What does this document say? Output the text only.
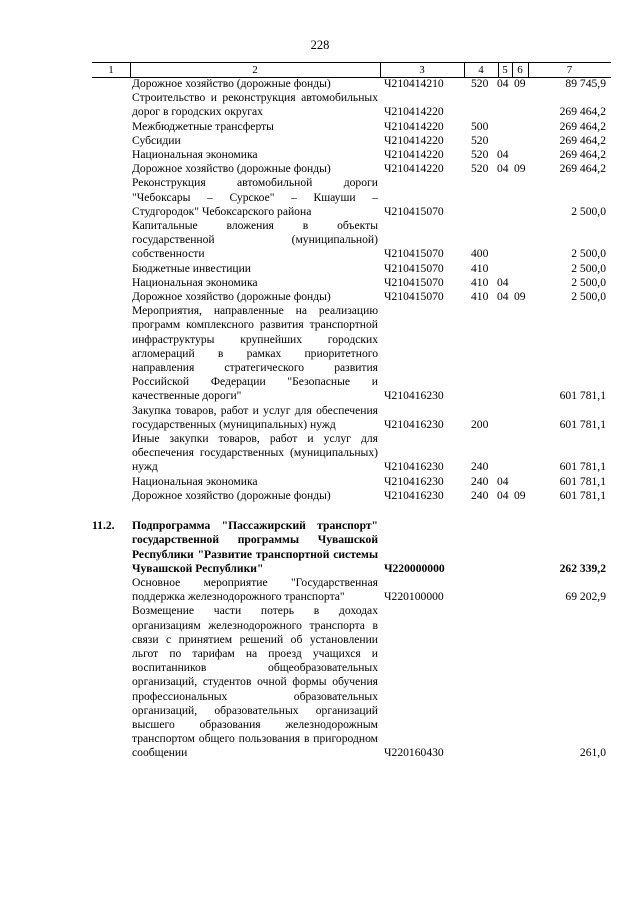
228
1	2	3	4	5 6	7
Дорожное хозяйство (дорожные фонды)	Ч210414210 520 04 09	89 745,9
Строительство и реконструкция автомобильных дорог в городских округах	Ч210414220	269 464,2
Межбюджетные трансферты	Ч210414220 500	269 464,2
Субсидии	Ч210414220 520	269 464,2
Национальная экономика	Ч210414220 520 04	269 464,2
Дорожное хозяйство (дорожные фонды)	Ч210414220 520 04 09	269 464,2
Реконструкция автомобильной дороги "Чебоксары – Сурское" – Кшауши – Студгородок" Чебоксарского района	Ч210415070	2 500,0
Капитальные вложения в объекты государственной (муниципальной) собственности	Ч210415070 400	2 500,0
Бюджетные инвестиции	Ч210415070 410	2 500,0
Национальная экономика	Ч210415070 410 04	2 500,0
Дорожное хозяйство (дорожные фонды)	Ч210415070 410 04 09	2 500,0
Мероприятия, направленные на реализацию программ комплексного развития транспортной инфраструктуры крупнейших городских агломераций в рамках приоритетного направления стратегического развития Российской Федерации "Безопасные и качественные дороги"	Ч210416230	601 781,1
Закупка товаров, работ и услуг для обеспечения государственных (муниципальных) нужд	Ч210416230 200	601 781,1
Иные закупки товаров, работ и услуг для обеспечения государственных (муниципальных) нужд	Ч210416230 240	601 781,1
Национальная экономика	Ч210416230 240 04	601 781,1
Дорожное хозяйство (дорожные фонды)	Ч210416230 240 04 09	601 781,1
11.2.	Подпрограмма "Пассажирский транспорт" государственной программы Чувашской Республики "Развитие транспортной системы Чувашской Республики"	Ч220000000	262 339,2
Основное мероприятие "Государственная поддержка железнодорожного транспорта"	Ч220100000	69 202,9
Возмещение части потерь в доходах организациям железнодорожного транспорта в связи с принятием решений об установлении льгот по тарифам на проезд учащихся и воспитанников общеобразовательных организаций, студентов очной формы обучения профессиональных образовательных организаций, образовательных организаций высшего образования железнодорожным транспортом общего пользования в пригородном сообщении	Ч220160430	261,0
